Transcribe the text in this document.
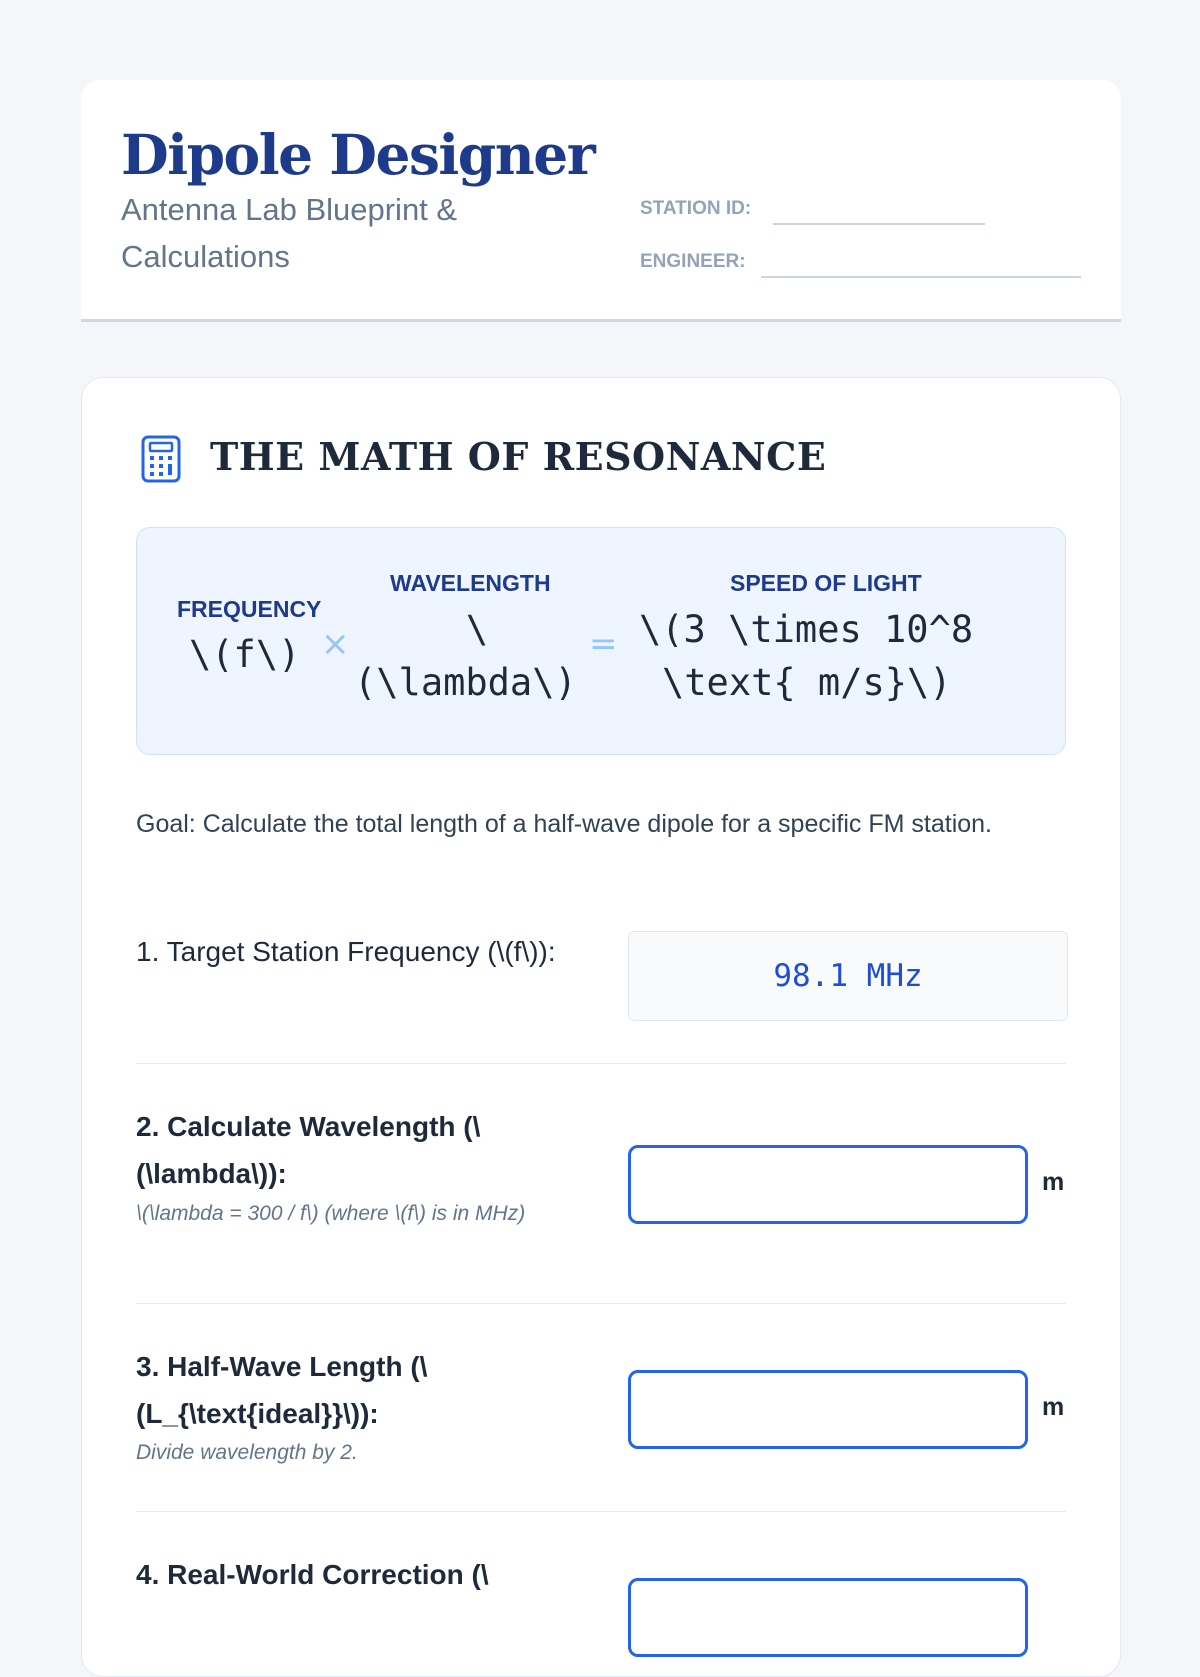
Dipole Designer
Antenna Lab Blueprint & Calculations
STATION ID:
ENGINEER:
THE MATH OF RESONANCE
FREQUENCY
\(f\) ×
WAVELENGTH
\
(\lambda\)
=
SPEED OF LIGHT
\(3 \times 10^8
\text{ m/s}\)
Goal: Calculate the total length of a half-wave dipole for a specific FM station.
1. Target Station Frequency (\(f\)):
98.1 MHz
2. Calculate Wavelength (\(\lambda\)):
\(\lambda = 300 / f\) (where \(f\) is in MHz)
m
3. Half-Wave Length (\(L_{\text{ideal}}\)):
Divide wavelength by 2.
m
4. Real-World Correction (\
